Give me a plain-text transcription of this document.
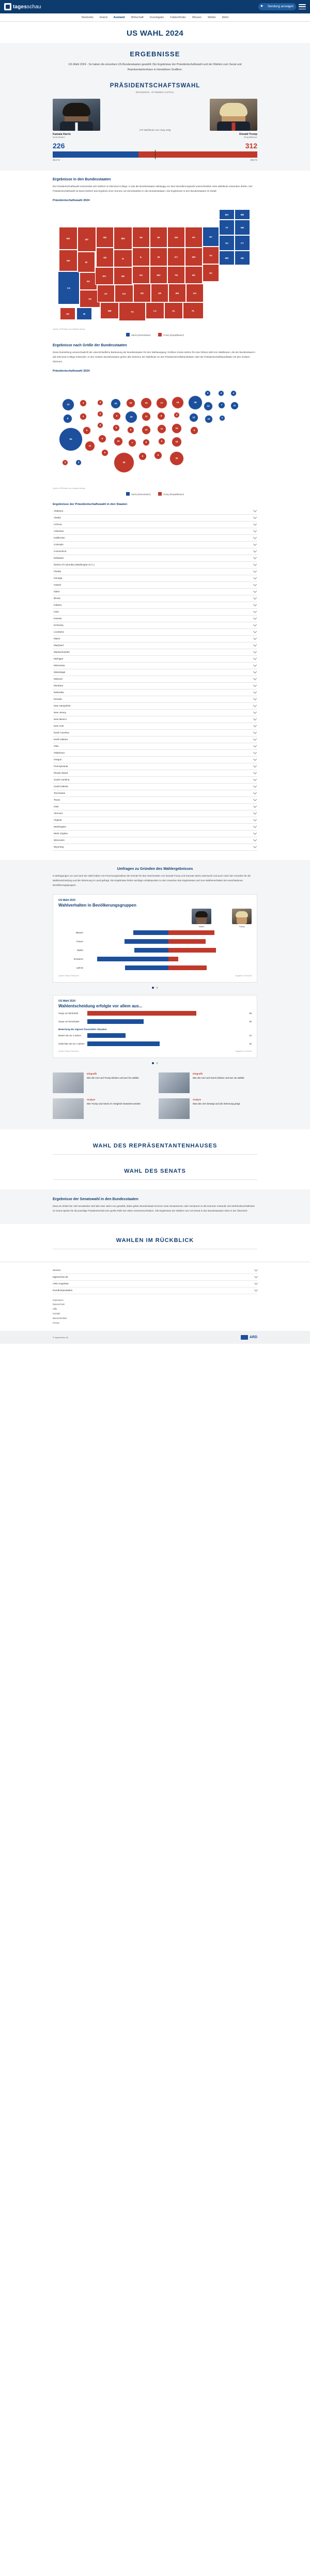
tagesschau	▶	Sendung anzeigen
Startseite Inland Ausland Wirtschaft Investigativ Faktenfinder Wissen Wetter Mehr
US WAHL 2024
ERGEBNISSE

US-Wahl 2024 - So haben die einzelnen US-Bundesstaaten gewählt: Die Ergebnisse der Präsidentschaftswahl und der Wahlen zum Senat und Repräsentantenhaus in interaktiven Grafiken.

PRÄSIDENTSCHAFTSWAHL
ERGEBNIS, STIMMEN-ANTEIL
Kamala Harris
Demokraten
270 Wahlleute zum Sieg nötig
Donald Trump
Republikaner
226	312
48,3 %	49,9 %
Ergebnisse in den Bundesstaaten

Die Präsidentschaftswahl entscheidet sich letztlich im Electoral College, in das die Bundesstaaten abhängig von ihrer Bevölkerungszahl unterschiedlich viele Wahlleute entsenden dürfen. Der Präsidentschaftswahl ist damit letztlich das Ergebnis einer Summe von Einzelwahlen in den Bundesstaaten. Die Ergebnisse in den Bundesstaaten im Detail:

Präsidentschaftswahl 2024
WA
OR
CA
MT
ID
NV
AZ
ND
SD
WY
UT
NM
MN
IA
NE
CO
TX
WI
IL
KS
OK
MI
IN
MO
AR
LA
OH
KY
TN
MS
AL
PA
WV
NC
GA
FL
NY
VA
SC
VT
NJ
MD
NH
CT
DE
ME
MA
AK	HI
Quelle: AP/Edison via Infratest dimap
Harris (Demokraten)	Trump (Republikaner)
Ergebnisse nach Größe der Bundesstaaten

Diese Darstellung veranschaulicht die unterschiedliche Bedeutung der Bundesstaaten für den Wahlausgang: Größere Kreise stehen für eine höhere Zahl von Wahlleuten, die der Bundesstaat in das Electoral College entsendet. In den meisten Bundesstaaten gehen alle Stimmen der Wahlleute an den Präsidentschaftskandidaten oder die Präsidentschaftskandidatin mit den meisten Stimmen.

Präsidentschaftswahl 2024
12
8
54
4
4
6
11
3
3
3
6
5
10
6
5
10
40
10
19
6
7
15
11
10
6
8
17
8
11
6
9
19
4
16
16
30
28
13
9
3
14
10
4
7
3
4
11
3	4
Quelle: AP/Edison via Infratest dimap
Harris (Demokraten)	Trump (Republikaner)
Ergebnisse der Präsidentschaftswahl in den Staaten
Alabama
Alaska
Arizona
Arkansas
Kalifornien
Colorado
Connecticut
Delaware
District of Columbia (Washington D.C.)
Florida
Georgia
Hawaii
Idaho
Illinois
Indiana
Iowa
Kansas
Kentucky
Louisiana
Maine
Maryland
Massachusetts
Michigan
Minnesota
Mississippi
Missouri
Montana
Nebraska
Nevada
New Hampshire
New Jersey
New Mexico
New York
North Carolina
North Dakota
Ohio
Oklahoma
Oregon
Pennsylvania
Rhode Island
South Carolina
South Dakota
Tennessee
Texas
Utah
Vermont
Virginia
Washington
West Virginia
Wisconsin
Wyoming
Umfragen zu Gründen des Wahlergebnisses

In Befragungen vor und nach der Wahl haben US-Forschungsinstitute die Gründe für das Abschneiden von Donald Trump und Kamala Harris untersucht und auch nach den Gründen für die Wahlentscheidung und die Stimmung im Land gefragt. Die Ergebnisse liefern wichtige Anhaltspunkte zu den Ursachen des Ergebnisses und zum Wählerverhalten bei verschiedenen Bevölkerungsgruppen.

US-Wahl 2024
Wahlverhalten in Bevölkerungsgruppen
Harris	Trump
Männer
42	55
Frauen
53	45
Weiße
41	57
Schwarze
86	12
Latinos
52	46
Quelle: Edison Research	Angaben in Prozent
US-Wahl 2024
Wahlentscheidung erfolgte vor allem aus...
Sorge um Wirtschaft	68
Sorge um Demokratie	35
Bewertung der eigenen finanziellen Situation
Besser als vor 4 Jahren	24
Schlechter als vor 4 Jahren	45
Quelle: Edison Research	Angaben in Prozent
Infografik
Wie die USA auf Trump blicken und wer ihn wählte
Infografik
Wie die USA auf Harris blicken und wer sie wählte
Analyse
Wie Trump und Harris im Vergleich bewertet werden
Analyse
Was die USA bewegt und die Stimmung prägt
WAHL DES REPRÄSENTANTENHAUSES
WAHL DES SENATS
Ergebnisse der Senatswahl in den Bundesstaaten

Etwa ein Drittel der 100 Senatssitze wird alle zwei Jahre neu gewählt, dabei gelten Bundesstaat-Grenzen zwei Senatorinnen oder Senatoren in die Kammer entsandt. Die Mehrheitsverhältnisse im Senat spielen für die jeweilige Präsidentschaft eine große Rolle bei vielen Gesetzesvorhaben. Alle Ergebnisse der Wahlen zum US-Senat in den Bundesstaaten 2024 in der Übersicht:

WAHLEN IM RÜCKBLICK
Service
tagesschau.de
ARD-Angebote
Rundfunkanstalten
Impressum
Datenschutz
Hilfe
Kontakt
Barrierefreiheit
Presse
© tagesschau.de	ARD
